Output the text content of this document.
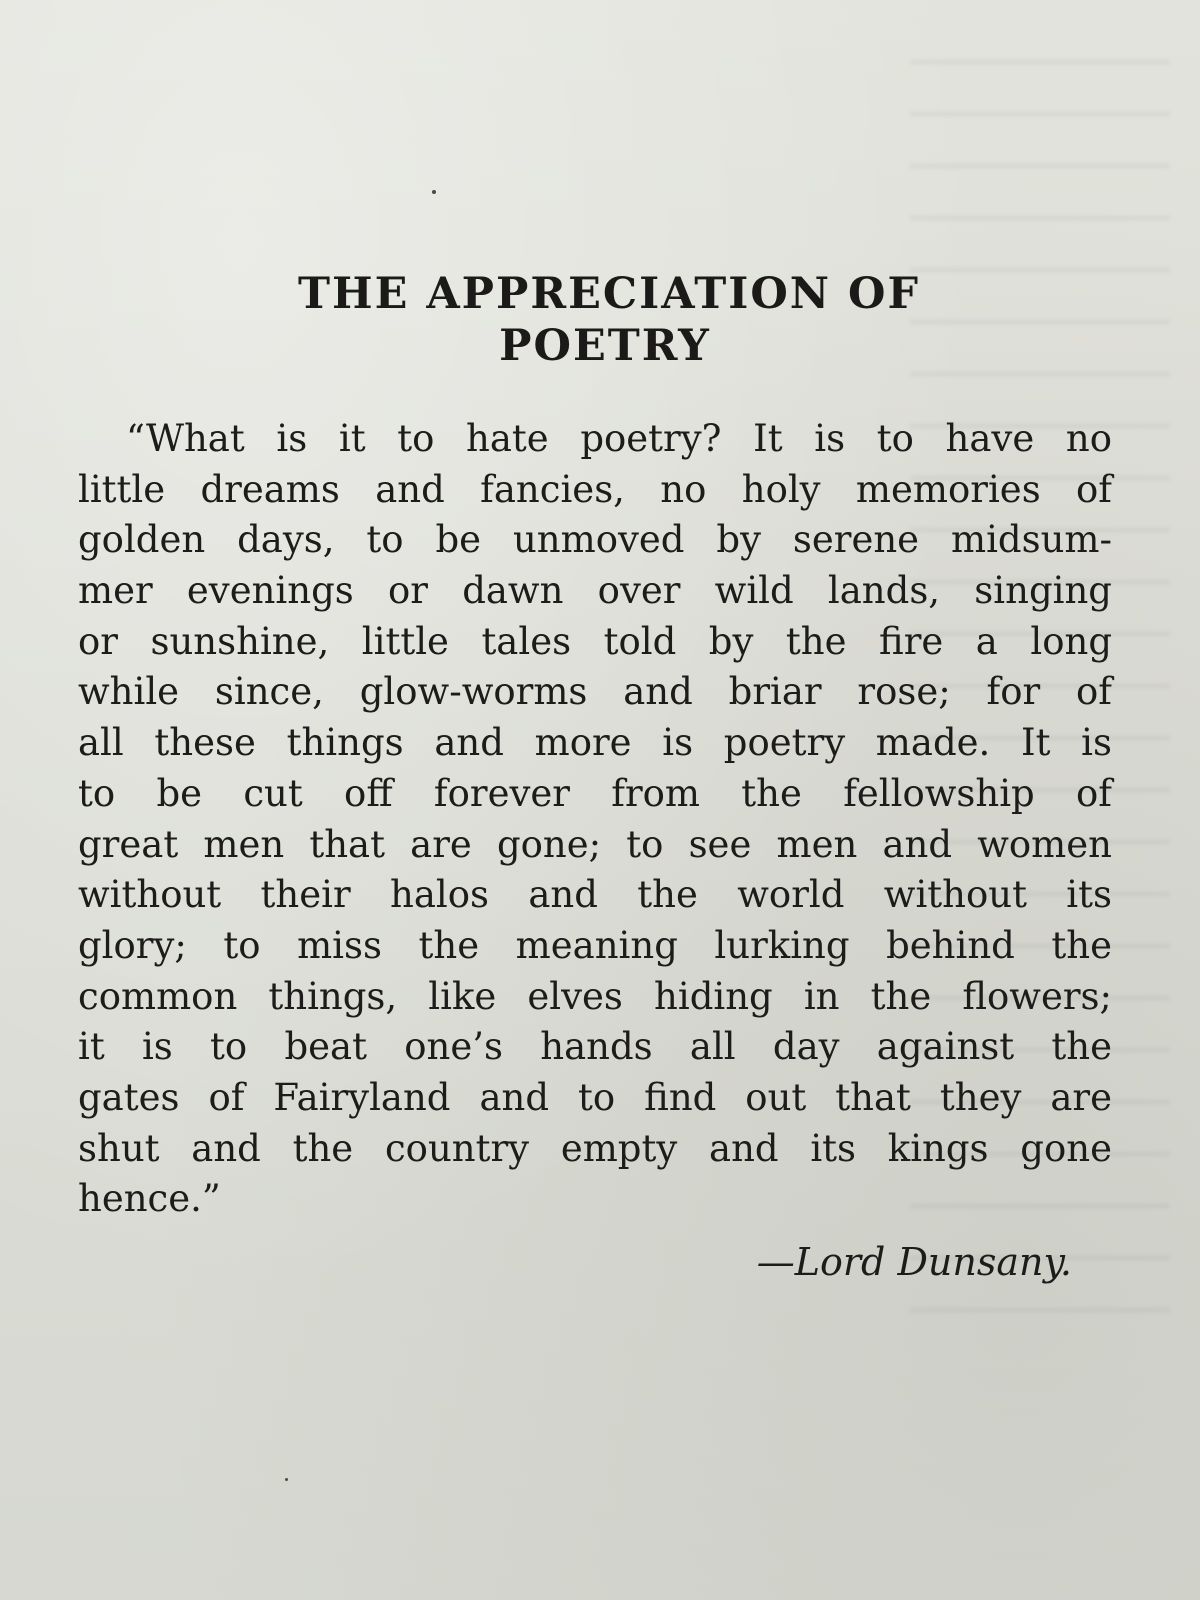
THE APPRECIATION OF
POETRY
“What is it to hate poetry? It is to have no
little dreams and fancies, no holy memories of
golden days, to be unmoved by serene midsum-
mer evenings or dawn over wild lands, singing
or sunshine, little tales told by the fire a long
while since, glow-worms and briar rose; for of
all these things and more is poetry made. It is
to be cut off forever from the fellowship of
great men that are gone; to see men and women
without their halos and the world without its
glory; to miss the meaning lurking behind the
common things, like elves hiding in the flowers;
it is to beat one’s hands all day against the
gates of Fairyland and to find out that they are
shut and the country empty and its kings gone
hence.”

—Lord Dunsany.
